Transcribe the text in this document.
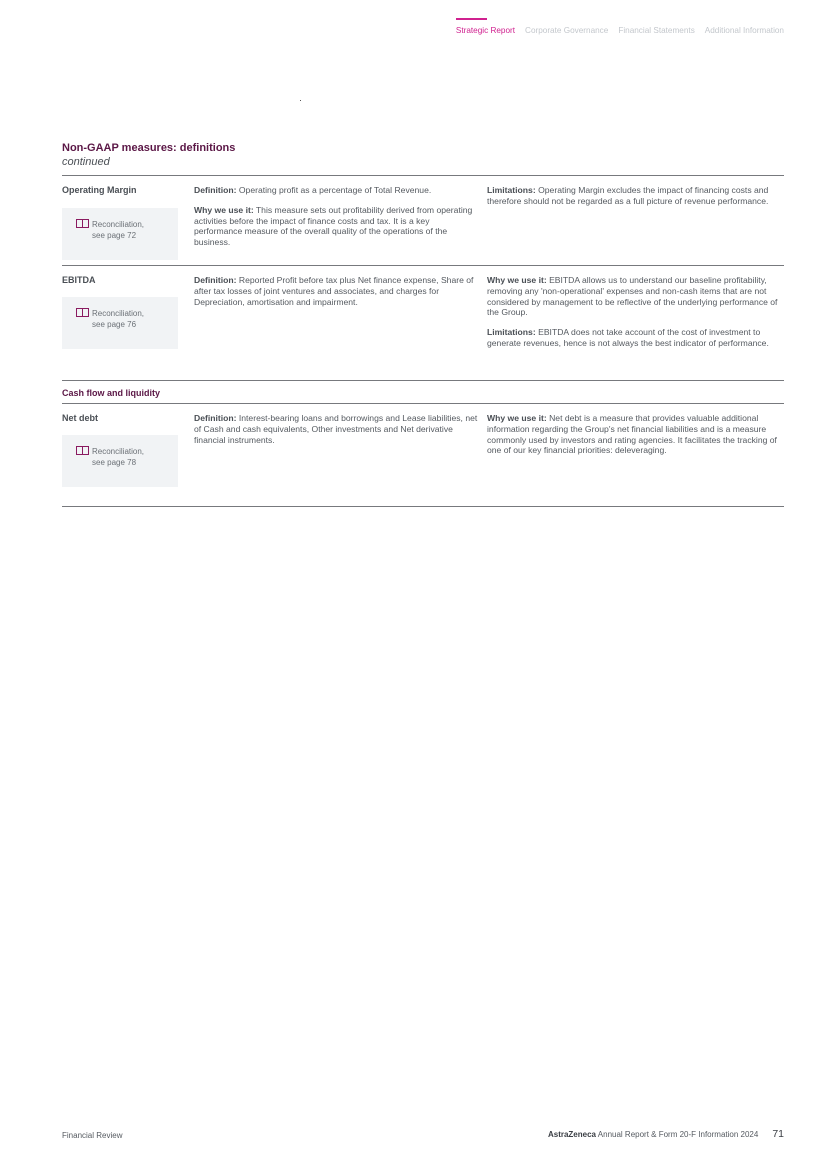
Strategic Report Corporate Governance Financial Statements Additional Information
Non-GAAP measures: definitions
continued
Operating Margin
Reconciliation,
see page 72

Definition: Operating profit as a percentage of Total Revenue.

Why we use it: This measure sets out profitability derived from operating activities before the impact of finance costs and tax. It is a key performance measure of the overall quality of the operations of the business.

Limitations: Operating Margin excludes the impact of financing costs and therefore should not be regarded as a full picture of revenue performance.

EBITDA
Reconciliation,
see page 76

Definition: Reported Profit before tax plus Net finance expense, Share of after tax losses of joint ventures and associates, and charges for Depreciation, amortisation and impairment.

Why we use it: EBITDA allows us to understand our baseline profitability, removing any 'non-operational' expenses and non-cash items that are not considered by management to be reflective of the underlying performance of the Group.

Limitations: EBITDA does not take account of the cost of investment to generate revenues, hence is not always the best indicator of performance.

Cash flow and liquidity
Net debt
Reconciliation,
see page 78

Definition: Interest-bearing loans and borrowings and Lease liabilities, net of Cash and cash equivalents, Other investments and Net derivative financial instruments.

Why we use it: Net debt is a measure that provides valuable additional information regarding the Group's net financial liabilities and is a measure commonly used by investors and rating agencies. It facilitates the tracking of one of our key financial priorities: deleveraging.

Financial Review	AstraZeneca Annual Report & Form 20-F Information 2024 71
